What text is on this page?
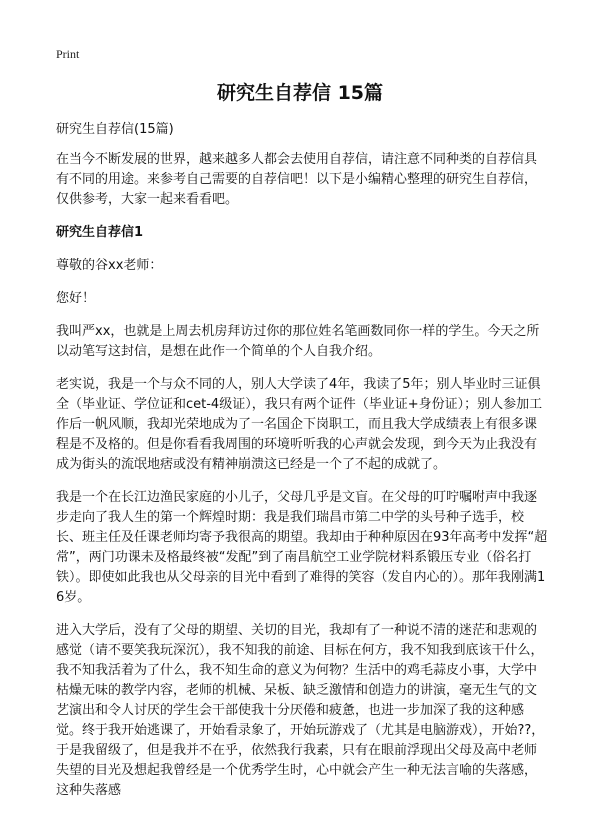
Print
研究生自荐信 15篇
研究生自荐信(15篇)

在当今不断发展的世界，越来越多人都会去使用自荐信，请注意不同种类的自荐信具有不同的用途。来参考自己需要的自荐信吧！以下是小编精心整理的研究生自荐信，仅供参考，大家一起来看看吧。

研究生自荐信1

尊敬的谷xx老师：

您好！

我叫严xx，也就是上周去机房拜访过你的那位姓名笔画数同你一样的学生。今天之所以动笔写这封信，是想在此作一个简单的个人自我介绍。

老实说，我是一个与众不同的人，别人大学读了4年，我读了5年；别人毕业时三证俱全（毕业证、学位证和cet-4级证），我只有两个证件（毕业证+身份证）；别人参加工作后一帆风顺，我却光荣地成为了一名国企下岗职工，而且我大学成绩表上有很多课程是不及格的。但是你看看我周围的环境听听我的心声就会发现，到今天为止我没有成为街头的流氓地痞或没有精神崩溃这已经是一个了不起的成就了。

我是一个在长江边渔民家庭的小儿子，父母几乎是文盲。在父母的叮咛嘱咐声中我逐步走向了我人生的第一个辉煌时期：我是我们瑞昌市第二中学的头号种子选手，校长、班主任及任课老师均寄予我很高的期望。我却由于种种原因在93年高考中发挥“超常”，两门功课未及格最终被“发配”到了南昌航空工业学院材料系锻压专业（俗名打铁）。即使如此我也从父母亲的目光中看到了难得的笑容（发自内心的）。那年我刚满16岁。

进入大学后，没有了父母的期望、关切的目光，我却有了一种说不清的迷茫和悲观的感觉（请不要笑我玩深沉），我不知我的前途、目标在何方，我不知我到底该干什么，我不知我活着为了什么，我不知生命的意义为何物？生活中的鸡毛蒜皮小事，大学中枯燥无味的教学内容，老师的机械、呆板、缺乏激情和创造力的讲演，毫无生气的文艺演出和令人讨厌的学生会干部使我十分厌倦和疲惫，也进一步加深了我的这种感觉。终于我开始逃课了，开始看录象了，开始玩游戏了（尤其是电脑游戏），开始??，于是我留级了，但是我并不在乎，依然我行我素，只有在眼前浮现出父母及高中老师失望的目光及想起我曾经是一个优秀学生时，心中就会产生一种无法言喻的失落感，这种失落感
